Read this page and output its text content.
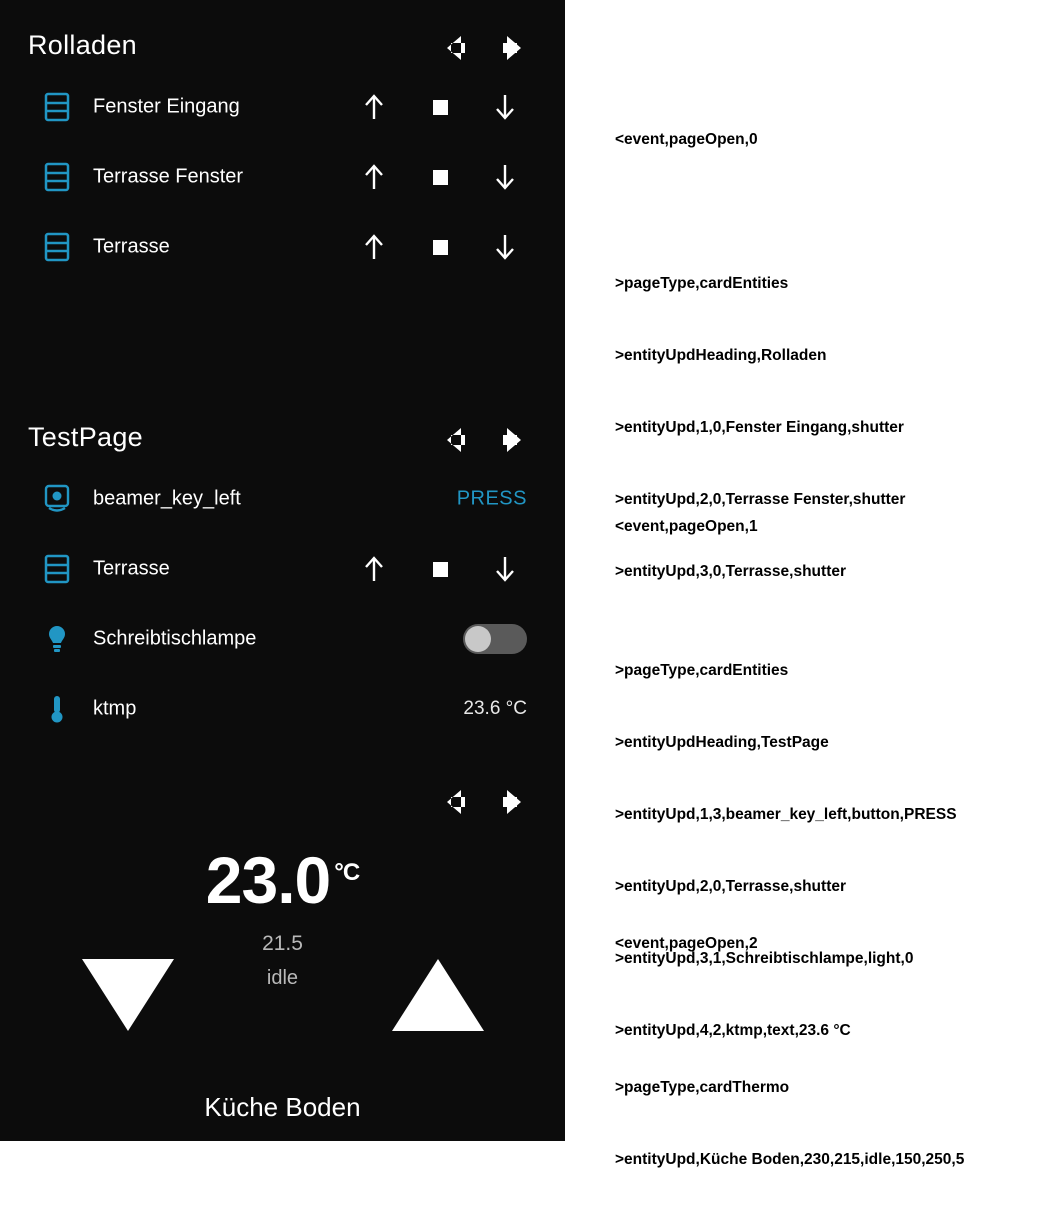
Rolladen
Fenster Eingang
Terrasse Fenster
Terrasse
TestPage
beamer_key_left	PRESS
Terrasse
Schreibtischlampe
ktmp	23.6 °C
23.0 $^{^\circ C}$
21.5
idle
Küche Boden

<event,pageOpen,0

>pageType,cardEntities

>entityUpdHeading,Rolladen

>entityUpd,1,0,Fenster Eingang,shutter

>entityUpd,2,0,Terrasse Fenster,shutter

>entityUpd,3,0,Terrasse,shutter

<event,pageOpen,1

>pageType,cardEntities

>entityUpdHeading,TestPage

>entityUpd,1,3,beamer_key_left,button,PRESS

>entityUpd,2,0,Terrasse,shutter

>entityUpd,3,1,Schreibtischlampe,light,0

>entityUpd,4,2,ktmp,text,23.6 °C

<event,pageOpen,2

>pageType,cardThermo

>entityUpd,Küche Boden,230,215,idle,150,250,5
